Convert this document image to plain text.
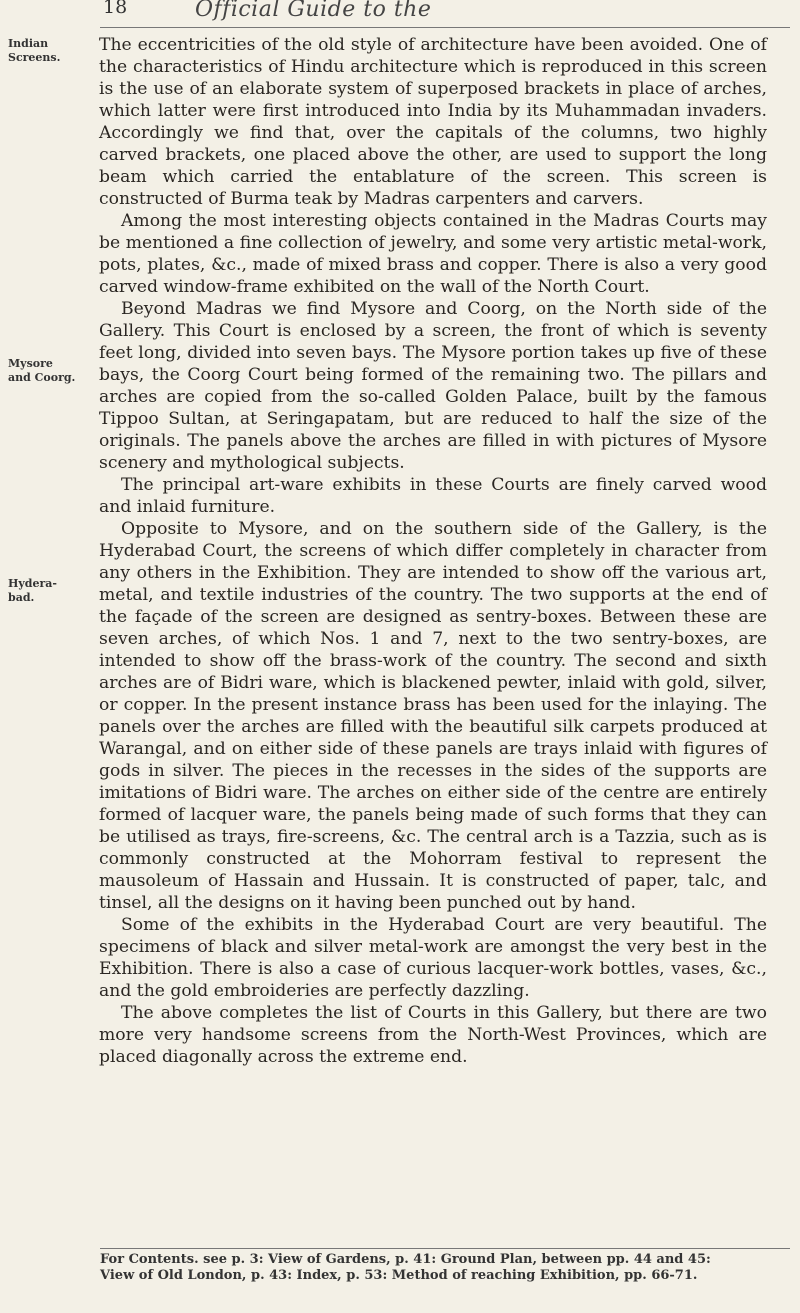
18	Official Guide to the
Indian Screens.
Mysore and Coorg.
Hydera- bad.

The eccentricities of the old style of architecture have been avoided. One of the characteristics of Hindu architecture which is reproduced in this screen is the use of an elaborate system of superposed brackets in place of arches, which latter were first introduced into India by its Muhammadan invaders. Accordingly we find that, over the capitals of the columns, two highly carved brackets, one placed above the other, are used to support the long beam which carried the entablature of the screen. This screen is constructed of Burma teak by Madras carpenters and carvers.

Among the most interesting objects contained in the Madras Courts may be mentioned a fine collection of jewelry, and some very artistic metal-work, pots, plates, &c., made of mixed brass and copper. There is also a very good carved window-frame exhibited on the wall of the North Court.

Beyond Madras we find Mysore and Coorg, on the North side of the Gallery. This Court is enclosed by a screen, the front of which is seventy feet long, divided into seven bays. The Mysore portion takes up five of these bays, the Coorg Court being formed of the remaining two. The pillars and arches are copied from the so-called Golden Palace, built by the famous Tippoo Sultan, at Seringapatam, but are reduced to half the size of the originals. The panels above the arches are filled in with pictures of Mysore scenery and mythological subjects.

The principal art-ware exhibits in these Courts are finely carved wood and inlaid furniture.

Opposite to Mysore, and on the southern side of the Gallery, is the Hyderabad Court, the screens of which differ completely in character from any others in the Exhibition. They are intended to show off the various art, metal, and textile industries of the country. The two supports at the end of the façade of the screen are designed as sentry-boxes. Between these are seven arches, of which Nos. 1 and 7, next to the two sentry-boxes, are intended to show off the brass-work of the country. The second and sixth arches are of Bidri ware, which is blackened pewter, inlaid with gold, silver, or copper. In the present instance brass has been used for the inlaying. The panels over the arches are filled with the beautiful silk carpets produced at Warangal, and on either side of these panels are trays inlaid with figures of gods in silver. The pieces in the recesses in the sides of the supports are imitations of Bidri ware. The arches on either side of the centre are entirely formed of lacquer ware, the panels being made of such forms that they can be utilised as trays, fire-screens, &c. The central arch is a Tazzia, such as is commonly constructed at the Mohorram festival to represent the mausoleum of Hassain and Hussain. It is constructed of paper, talc, and tinsel, all the designs on it having been punched out by hand.

Some of the exhibits in the Hyderabad Court are very beautiful. The specimens of black and silver metal-work are amongst the very best in the Exhibition. There is also a case of curious lacquer-work bottles, vases, &c., and the gold embroideries are perfectly dazzling.

The above completes the list of Courts in this Gallery, but there are two more very handsome screens from the North-West Provinces, which are placed diagonally across the extreme end.

For Contents. see p. 3: View of Gardens, p. 41: Ground Plan, between pp. 44 and 45:
View of Old London, p. 43: Index, p. 53: Method of reaching Exhibition, pp. 66-71.
